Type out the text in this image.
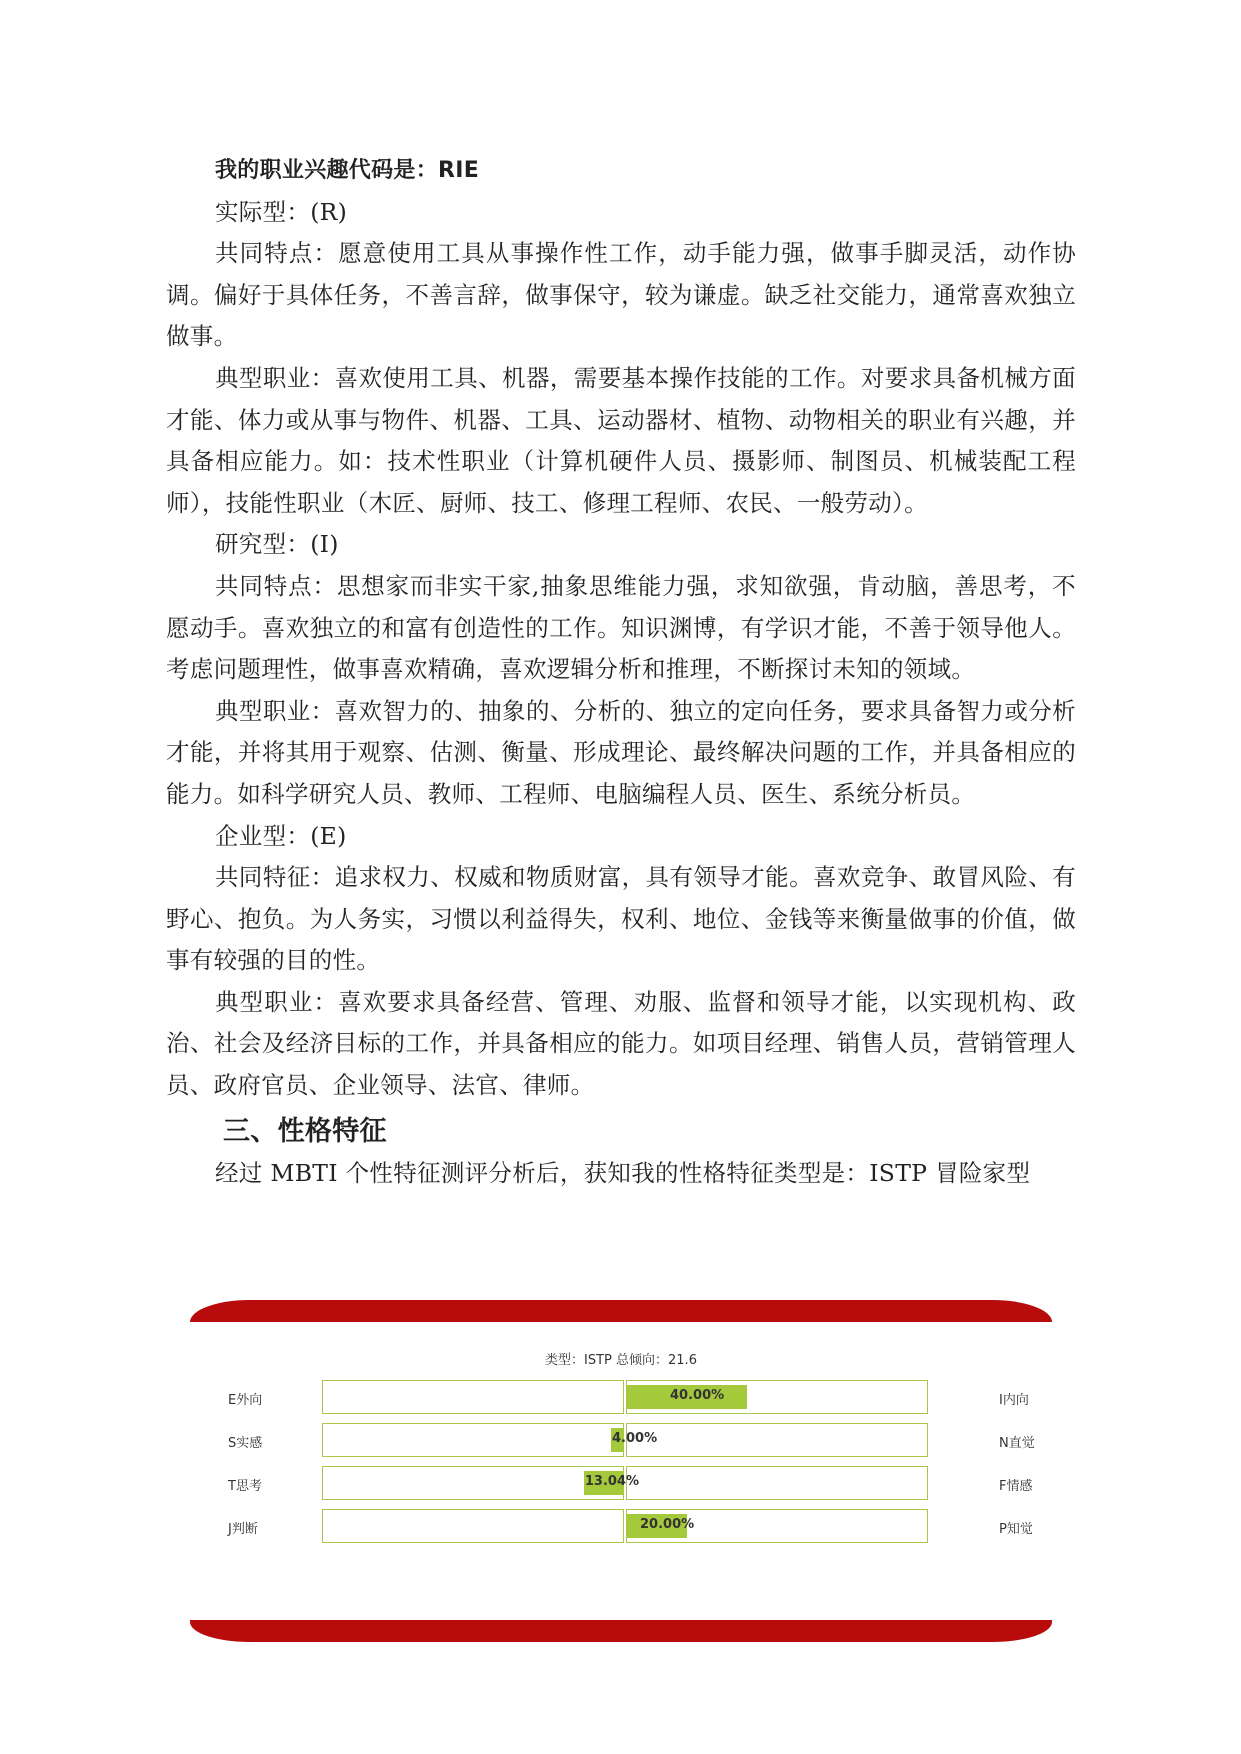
我的职业兴趣代码是：RIE

实际型：(R)

共同特点：愿意使用工具从事操作性工作，动手能力强，做事手脚灵活，动作协调。偏好于具体任务，不善言辞，做事保守，较为谦虚。缺乏社交能力，通常喜欢独立做事。

典型职业：喜欢使用工具、机器，需要基本操作技能的工作。对要求具备机械方面才能、体力或从事与物件、机器、工具、运动器材、植物、动物相关的职业有兴趣，并具备相应能力。如：技术性职业（计算机硬件人员、摄影师、制图员、机械装配工程师），技能性职业（木匠、厨师、技工、修理工程师、农民、一般劳动）。

研究型：(I)

共同特点：思想家而非实干家,抽象思维能力强，求知欲强，肯动脑，善思考，不愿动手。喜欢独立的和富有创造性的工作。知识渊博，有学识才能，不善于领导他人。考虑问题理性，做事喜欢精确，喜欢逻辑分析和推理，不断探讨未知的领域。

典型职业：喜欢智力的、抽象的、分析的、独立的定向任务，要求具备智力或分析才能，并将其用于观察、估测、衡量、形成理论、最终解决问题的工作，并具备相应的能力。如科学研究人员、教师、工程师、电脑编程人员、医生、系统分析员。

企业型：(E)

共同特征：追求权力、权威和物质财富，具有领导才能。喜欢竞争、敢冒风险、有野心、抱负。为人务实，习惯以利益得失，权利、地位、金钱等来衡量做事的价值，做事有较强的目的性。

典型职业：喜欢要求具备经营、管理、劝服、监督和领导才能，以实现机构、政治、社会及经济目标的工作，并具备相应的能力。如项目经理、销售人员，营销管理人员、政府官员、企业领导、法官、律师。

三、性格特征

经过 MBTI 个性特征测评分析后，获知我的性格特征类型是：ISTP 冒险家型

类型：ISTP 总倾向：21.6
E外向	I内向
40.00%
S实感	N直觉
4.00%
T思考	F情感
13.04%
J判断	P知觉
20.00%
